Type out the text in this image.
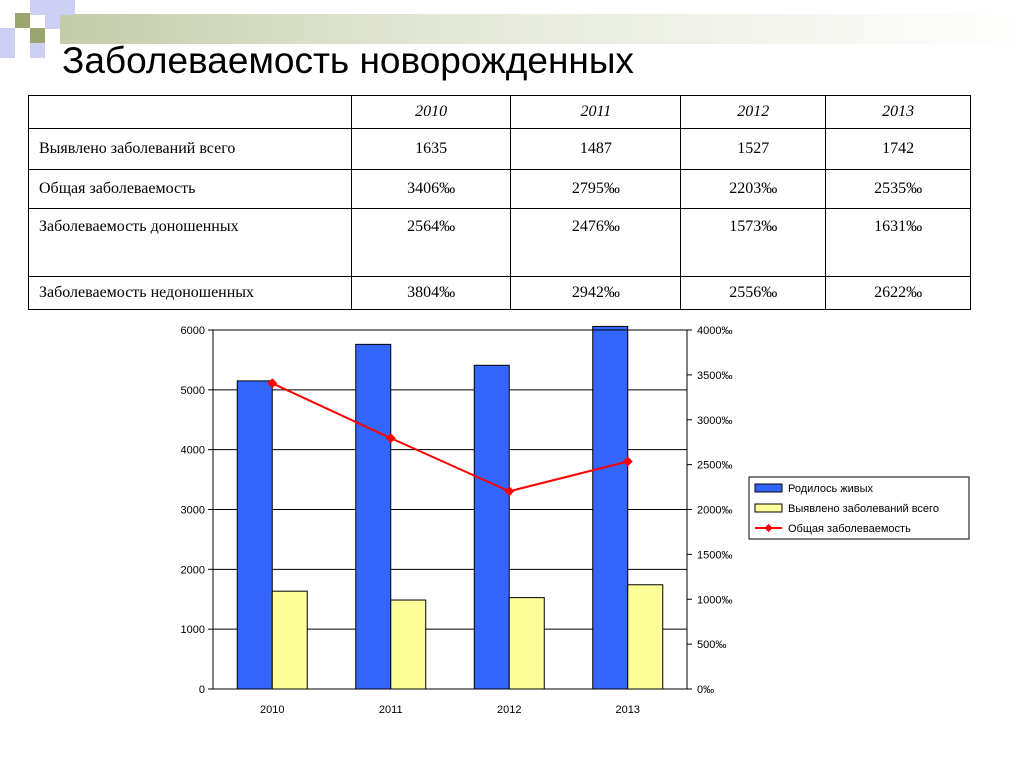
Заболеваемость новорожденных
	2010	2011	2012	2013
Выявлено заболеваний всего	1635	1487	1527	1742
Общая заболеваемость	3406‰	2795‰	2203‰	2535‰
Заболеваемость доношенных	2564‰	2476‰	1573‰	1631‰
Заболеваемость недоношенных	3804‰	2942‰	2556‰	2622‰
0
1000
2000
3000
4000
5000
6000
0‰
500‰
1000‰
1500‰
2000‰
2500‰
3000‰
3500‰
4000‰
2010	2011	2012	2013
Родилось живых
Выявлено заболеваний всего
Общая заболеваемость
